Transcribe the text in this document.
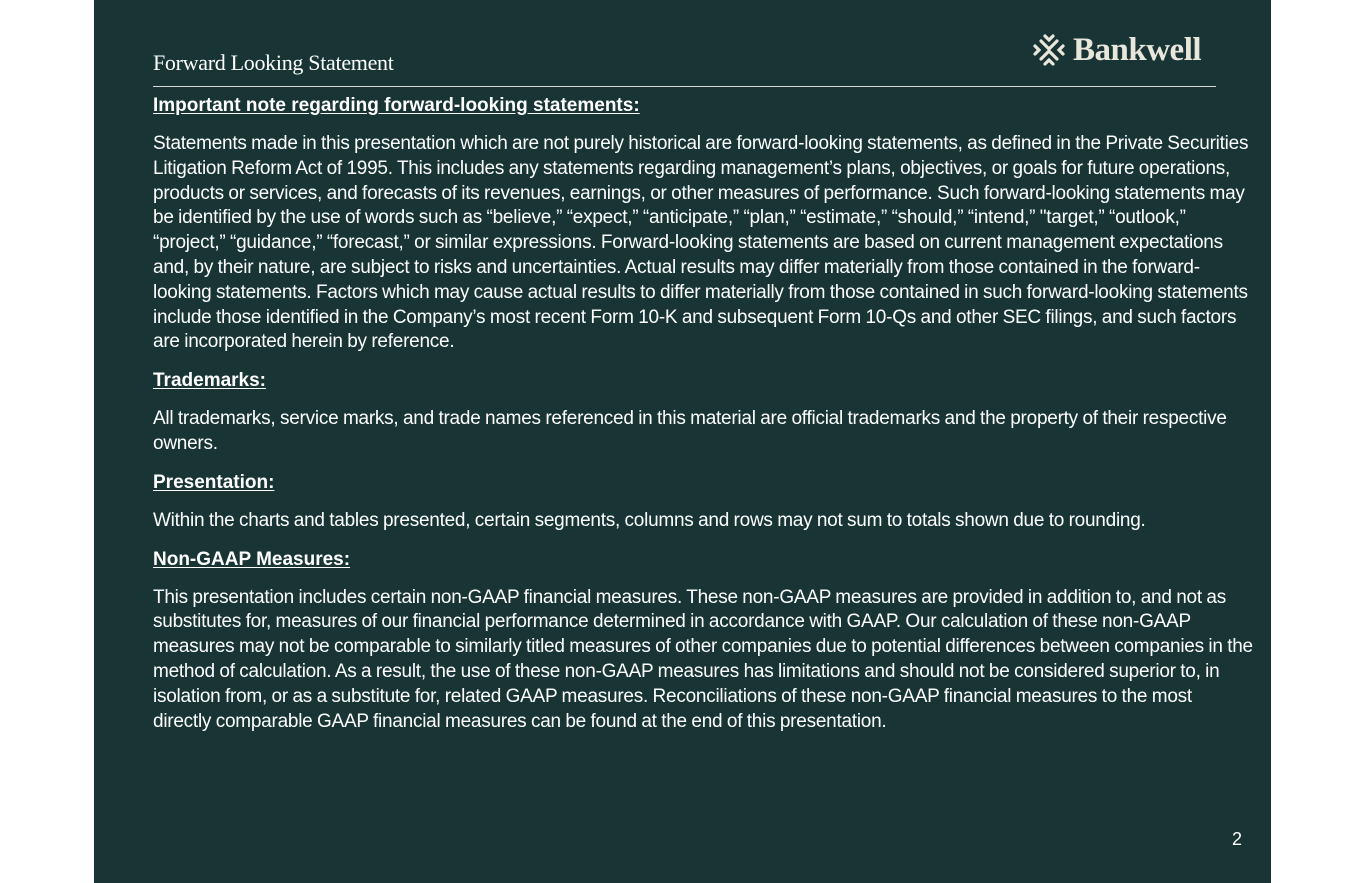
Forward Looking Statement	Bankwell
Important note regarding forward-looking statements:

Statements made in this presentation which are not purely historical are forward-looking statements, as defined in the Private Securities Litigation Reform Act of 1995. This includes any statements regarding management’s plans, objectives, or goals for future operations, products or services, and forecasts of its revenues, earnings, or other measures of performance. Such forward-looking statements may be identified by the use of words such as “believe,” “expect,” “anticipate,” “plan,” “estimate,” “should,” “intend,” "target,” “outlook,” “project,” “guidance,” “forecast,” or similar expressions. Forward-looking statements are based on current management expectations and, by their nature, are subject to risks and uncertainties. Actual results may differ materially from those contained in the forward-looking statements. Factors which may cause actual results to differ materially from those contained in such forward-looking statements include those identified in the Company’s most recent Form 10-K and subsequent Form 10-Qs and other SEC filings, and such factors are incorporated herein by reference.

Trademarks:

All trademarks, service marks, and trade names referenced in this material are official trademarks and the property of their respective owners.

Presentation:

Within the charts and tables presented, certain segments, columns and rows may not sum to totals shown due to rounding.

Non-GAAP Measures:

This presentation includes certain non-GAAP financial measures. These non-GAAP measures are provided in addition to, and not as substitutes for, measures of our financial performance determined in accordance with GAAP. Our calculation of these non-GAAP measures may not be comparable to similarly titled measures of other companies due to potential differences between companies in the method of calculation. As a result, the use of these non-GAAP measures has limitations and should not be considered superior to, in isolation from, or as a substitute for, related GAAP measures. Reconciliations of these non-GAAP financial measures to the most directly comparable GAAP financial measures can be found at the end of this presentation.

2
